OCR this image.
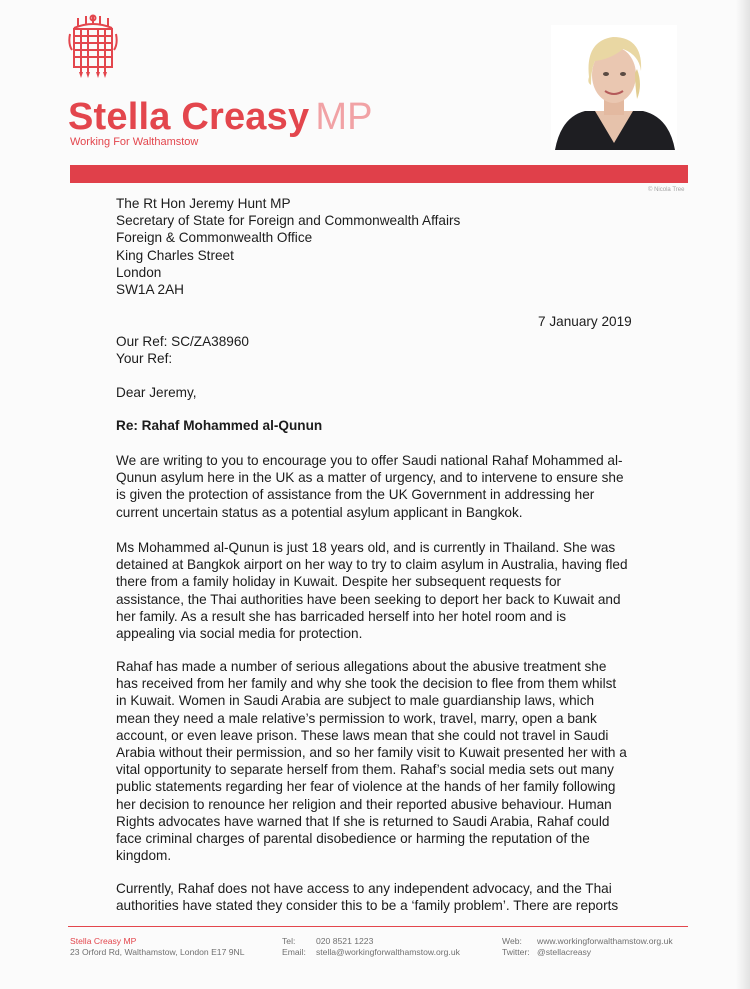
Stella Creasy MP
Working For Walthamstow
© Nicola Tree
The Rt Hon Jeremy Hunt MP
Secretary of State for Foreign and Commonwealth Affairs
Foreign & Commonwealth Office
King Charles Street
London
SW1A 2AH
7 January 2019
Our Ref: SC/ZA38960
Your Ref:
Dear Jeremy,
Re: Rahaf Mohammed al-Qunun
We are writing to you to encourage you to offer Saudi national Rahaf Mohammed al-
Qunun asylum here in the UK as a matter of urgency, and to intervene to ensure she
is given the protection of assistance from the UK Government in addressing her
current uncertain status as a potential asylum applicant in Bangkok.
Ms Mohammed al-Qunun is just 18 years old, and is currently in Thailand. She was
detained at Bangkok airport on her way to try to claim asylum in Australia, having fled
there from a family holiday in Kuwait. Despite her subsequent requests for
assistance, the Thai authorities have been seeking to deport her back to Kuwait and
her family. As a result she has barricaded herself into her hotel room and is
appealing via social media for protection.
Rahaf has made a number of serious allegations about the abusive treatment she
has received from her family and why she took the decision to flee from them whilst
in Kuwait. Women in Saudi Arabia are subject to male guardianship laws, which
mean they need a male relative’s permission to work, travel, marry, open a bank
account, or even leave prison. These laws mean that she could not travel in Saudi
Arabia without their permission, and so her family visit to Kuwait presented her with a
vital opportunity to separate herself from them. Rahaf’s social media sets out many
public statements regarding her fear of violence at the hands of her family following
her decision to renounce her religion and their reported abusive behaviour. Human
Rights advocates have warned that If she is returned to Saudi Arabia, Rahaf could
face criminal charges of parental disobedience or harming the reputation of the
kingdom.
Currently, Rahaf does not have access to any independent advocacy, and the Thai
authorities have stated they consider this to be a ‘family problem’. There are reports
Stella Creasy MP
23 Orford Rd, Walthamstow, London E17 9NL
Tel:
Email:
020 8521 1223
stella@workingforwalthamstow.org.uk
Web:
Twitter:
www.workingforwalthamstow.org.uk
@stellacreasy
